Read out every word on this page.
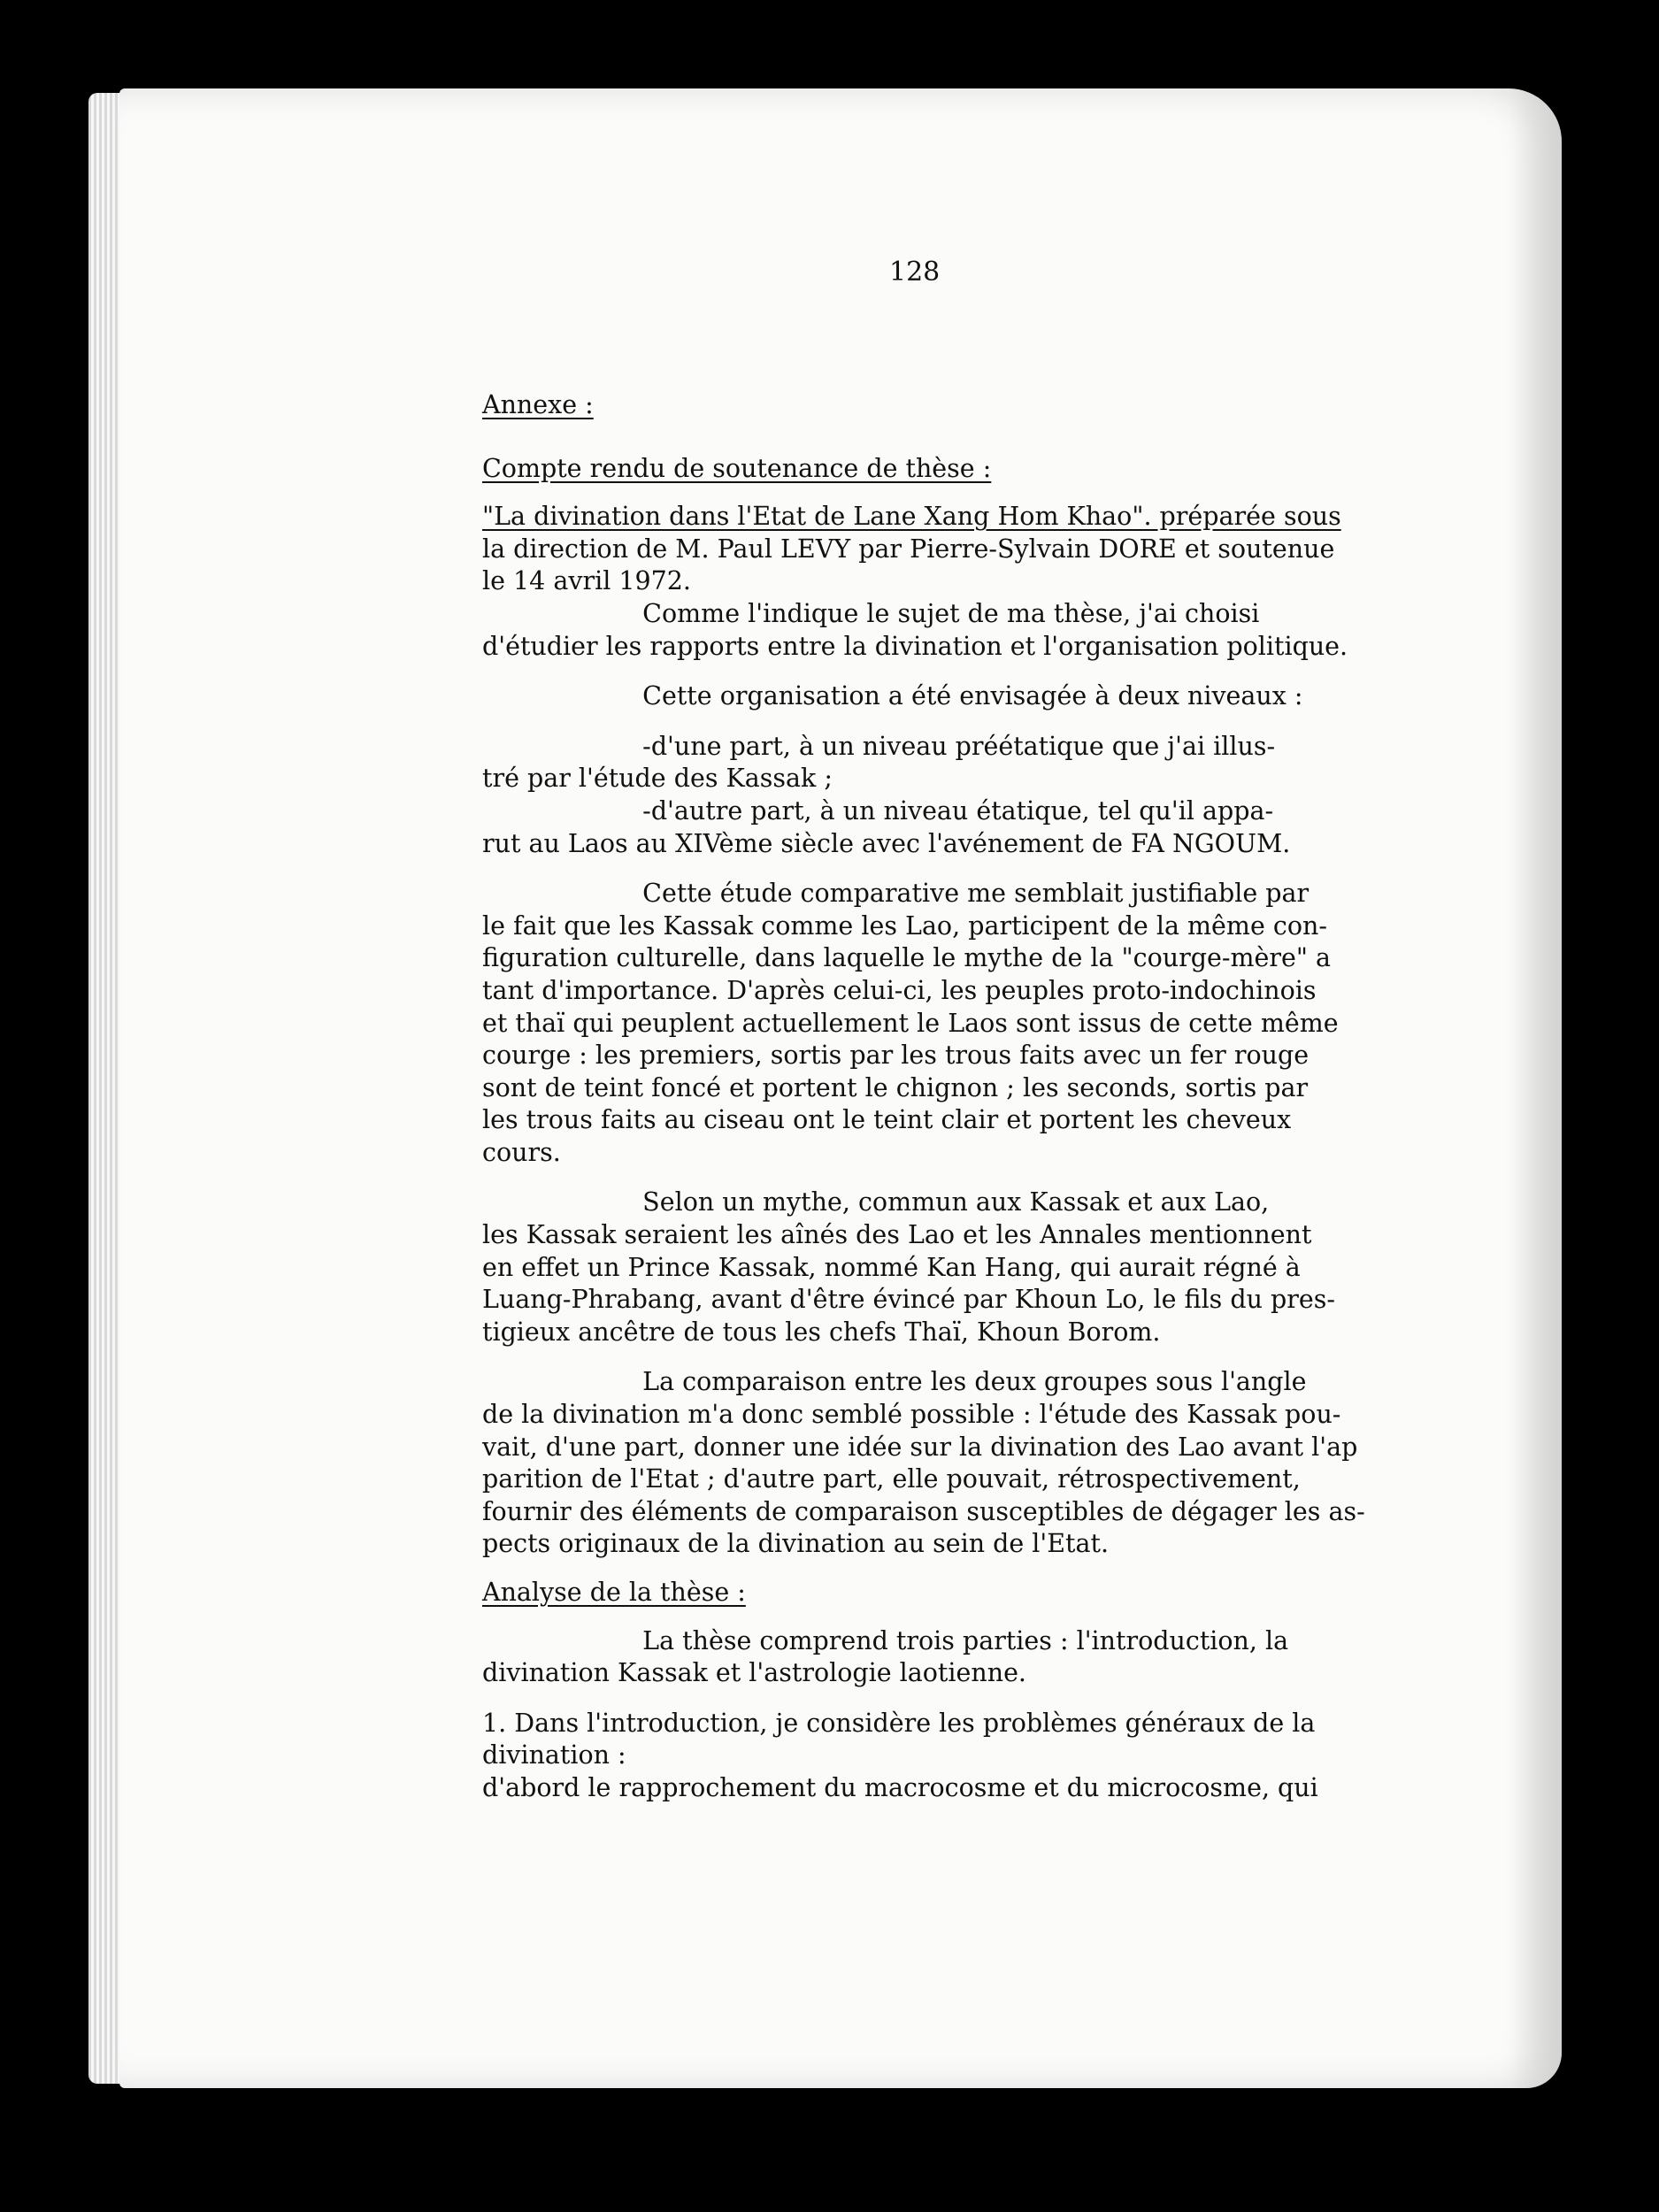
128
Annexe :
Compte rendu de soutenance de thèse :
"La divination dans l'Etat de Lane Xang Hom Khao". préparée sous
la direction de M. Paul LEVY par Pierre-Sylvain DORE et soutenue
le 14 avril 1972.
Comme l'indique le sujet de ma thèse, j'ai choisi
d'étudier les rapports entre la divination et l'organisation politique.
Cette organisation a été envisagée à deux niveaux :
-d'une part, à un niveau préétatique que j'ai illus-
tré par l'étude des Kassak ;
-d'autre part, à un niveau étatique, tel qu'il appa-
rut au Laos au XIVème siècle avec l'avénement de FA NGOUM.
Cette étude comparative me semblait justifiable par
le fait que les Kassak comme les Lao, participent de la même con-
figuration culturelle, dans laquelle le mythe de la "courge-mère" a
tant d'importance. D'après celui-ci, les peuples proto-indochinois
et thaï qui peuplent actuellement le Laos sont issus de cette même
courge : les premiers, sortis par les trous faits avec un fer rouge
sont de teint foncé et portent le chignon ; les seconds, sortis par
les trous faits au ciseau ont le teint clair et portent les cheveux
cours.
Selon un mythe, commun aux Kassak et aux Lao,
les Kassak seraient les aînés des Lao et les Annales mentionnent
en effet un Prince Kassak, nommé Kan Hang, qui aurait régné à
Luang-Phrabang, avant d'être évincé par Khoun Lo, le fils du pres-
tigieux ancêtre de tous les chefs Thaï, Khoun Borom.
La comparaison entre les deux groupes sous l'angle
de la divination m'a donc semblé possible : l'étude des Kassak pou-
vait, d'une part, donner une idée sur la divination des Lao avant l'ap
parition de l'Etat ; d'autre part, elle pouvait, rétrospectivement,
fournir des éléments de comparaison susceptibles de dégager les as-
pects originaux de la divination au sein de l'Etat.
Analyse de la thèse :
La thèse comprend trois parties : l'introduction, la
divination Kassak et l'astrologie laotienne.
1. Dans l'introduction, je considère les problèmes généraux de la
divination :
d'abord le rapprochement du macrocosme et du microcosme, qui
